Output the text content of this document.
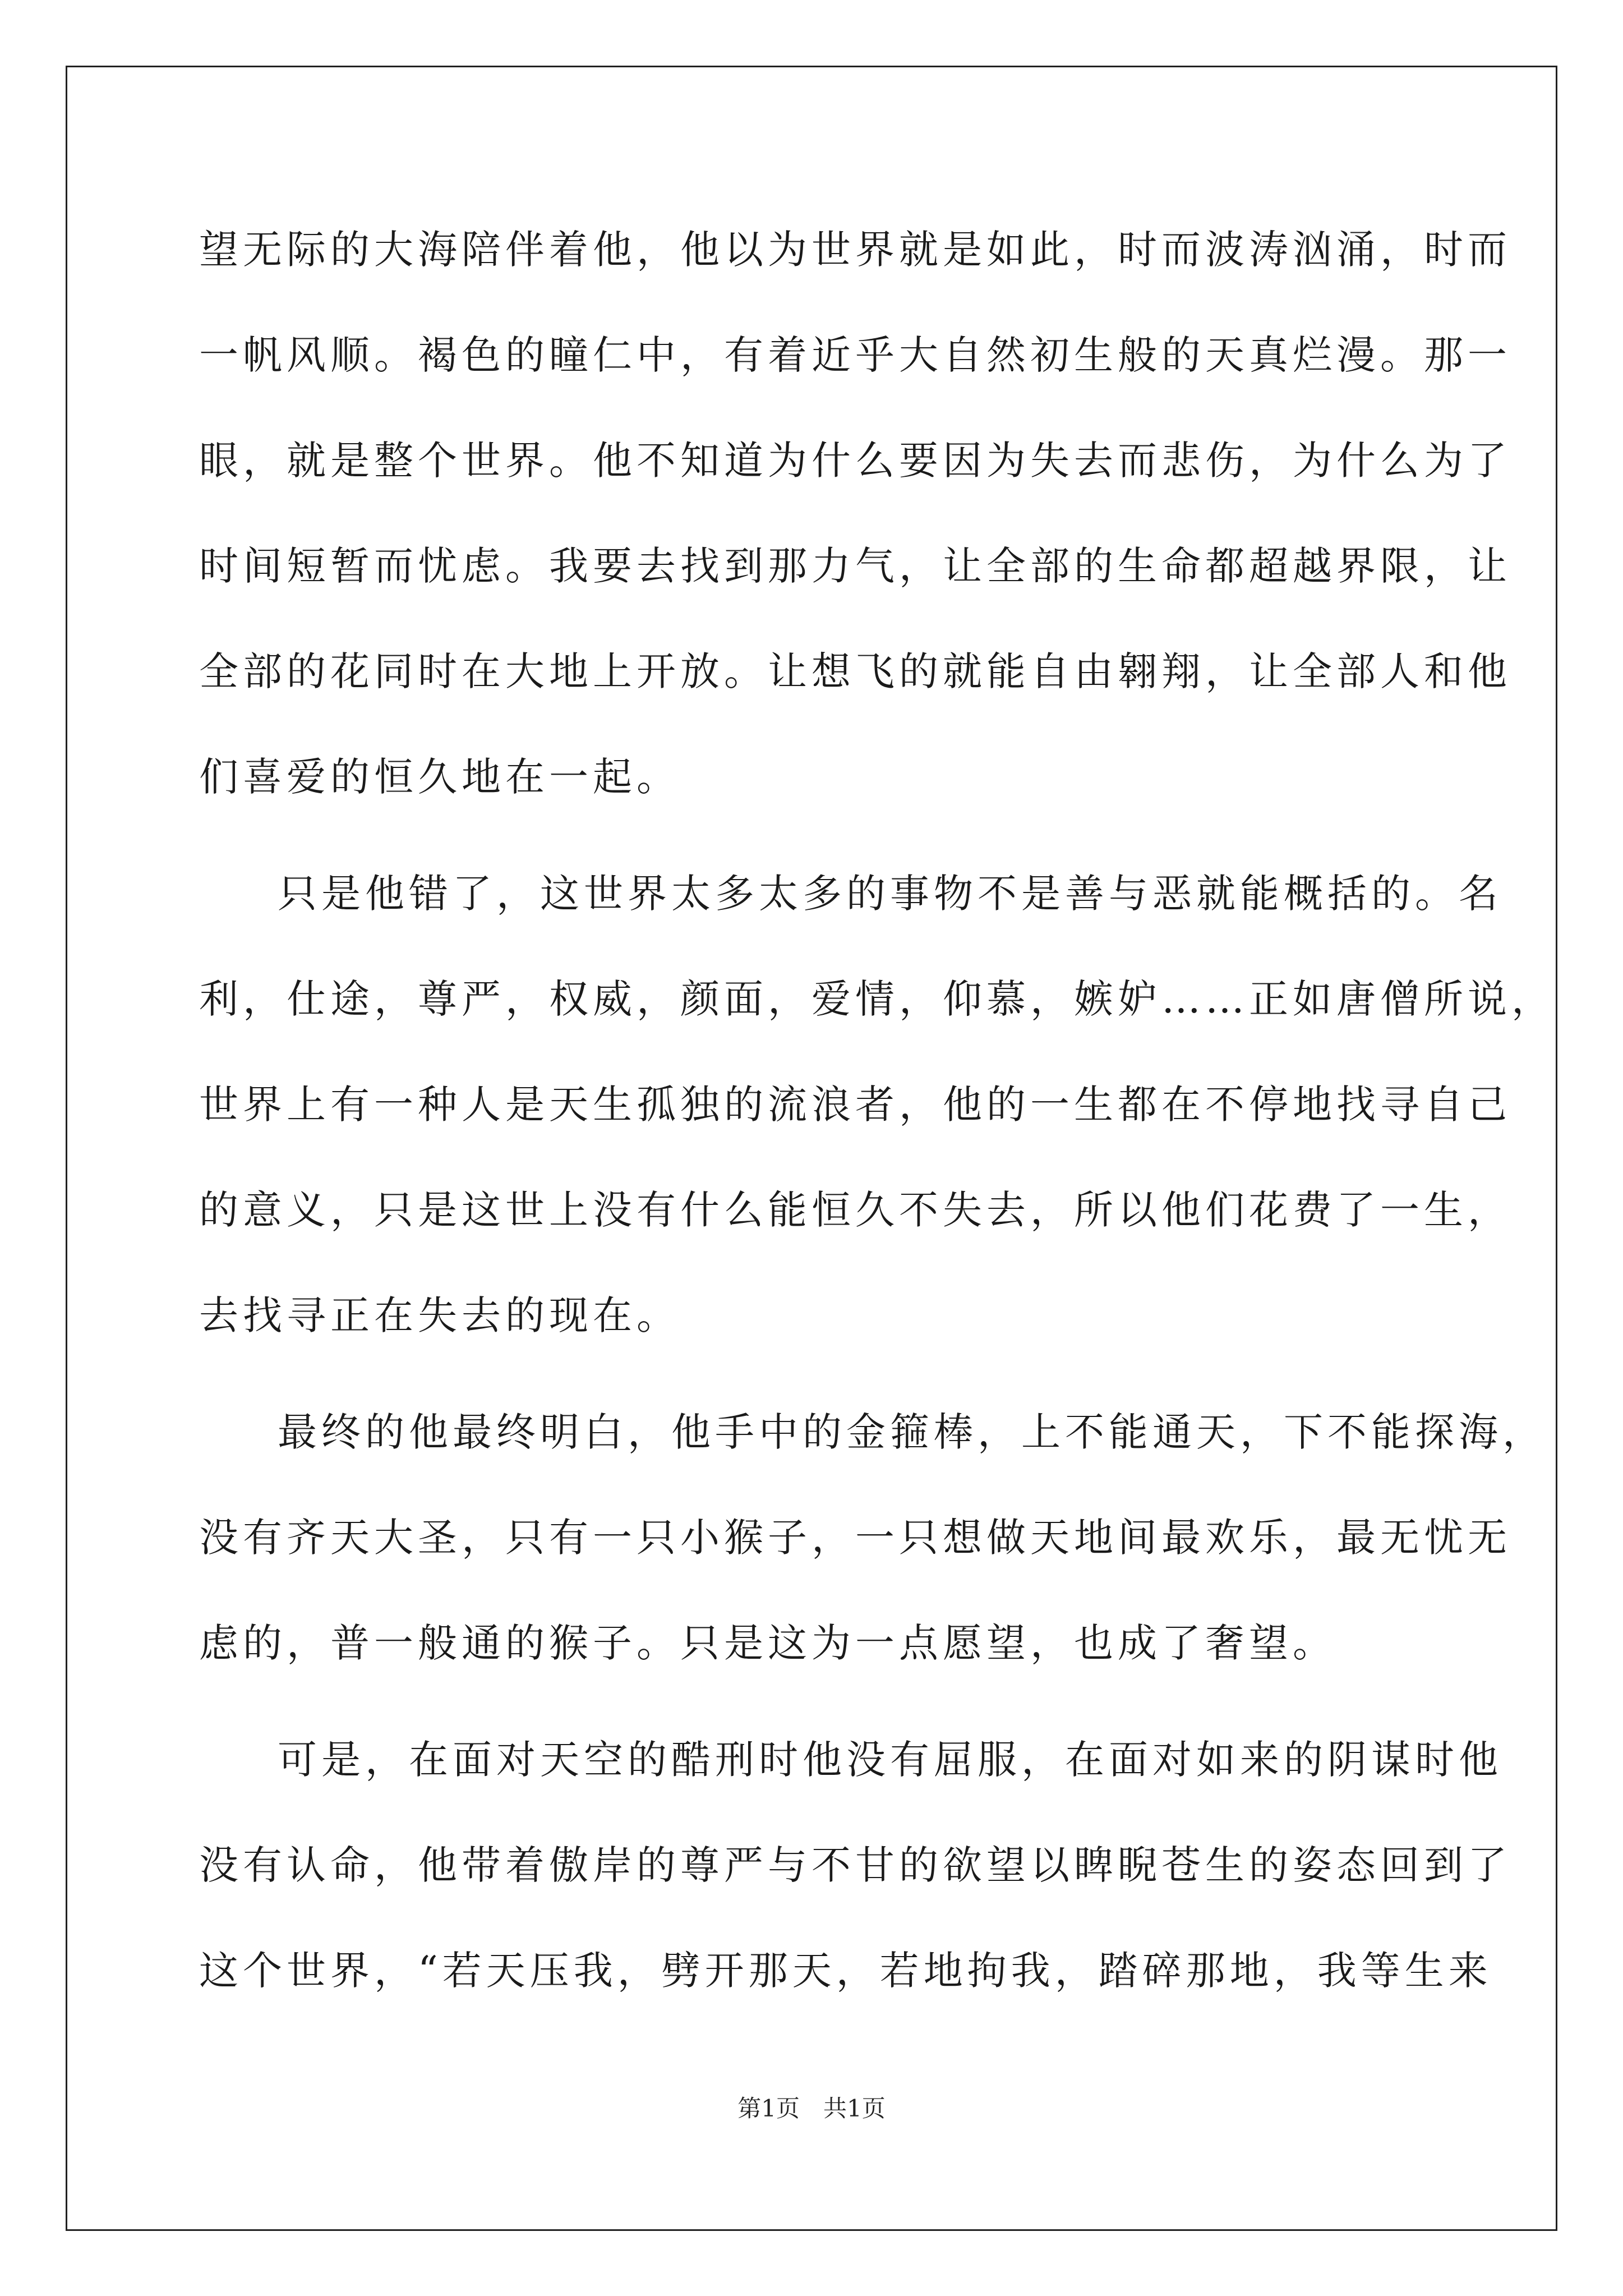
望无际的大海陪伴着他，他以为世界就是如此，时而波涛汹涌，时而
一帆风顺。褐色的瞳仁中，有着近乎大自然初生般的天真烂漫。那一
眼，就是整个世界。他不知道为什么要因为失去而悲伤，为什么为了
时间短暂而忧虑。我要去找到那力气，让全部的生命都超越界限，让
全部的花同时在大地上开放。让想飞的就能自由翱翔，让全部人和他
们喜爱的恒久地在一起。
只是他错了，这世界太多太多的事物不是善与恶就能概括的。名
利，仕途，尊严，权威，颜面，爱情，仰慕，嫉妒……正如唐僧所说，
世界上有一种人是天生孤独的流浪者，他的一生都在不停地找寻自己
的意义，只是这世上没有什么能恒久不失去，所以他们花费了一生，
去找寻正在失去的现在。
最终的他最终明白，他手中的金箍棒，上不能通天，下不能探海，
没有齐天大圣，只有一只小猴子，一只想做天地间最欢乐，最无忧无
虑的，普一般通的猴子。只是这为一点愿望，也成了奢望。
可是，在面对天空的酷刑时他没有屈服，在面对如来的阴谋时他
没有认命，他带着傲岸的尊严与不甘的欲望以睥睨苍生的姿态回到了
这个世界，“若天压我，劈开那天，若地拘我，踏碎那地，我等生来
第1页　共1页
